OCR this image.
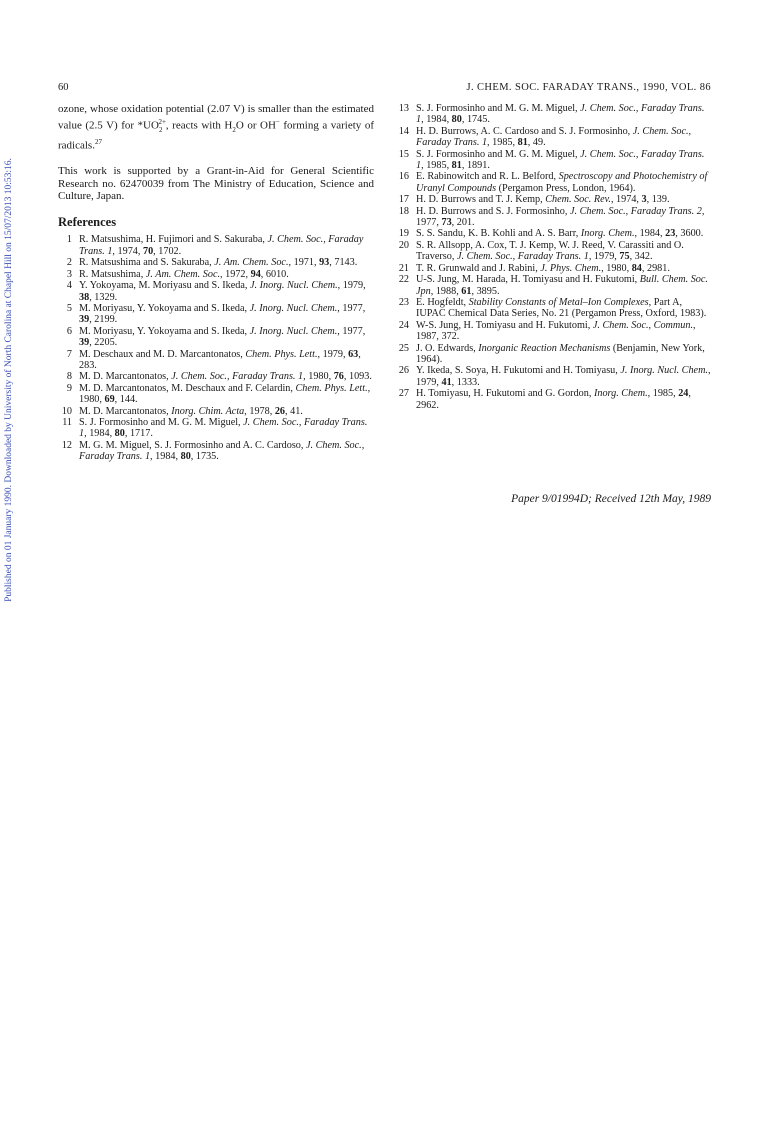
60	J. CHEM. SOC. FARADAY TRANS., 1990, VOL. 86
Published on 01 January 1990. Downloaded by University of North Carolina at Chapel Hill on 15/07/2013 10:53:16.

ozone, whose oxidation potential (2.07 V) is smaller than the estimated value (2.5 V) for $*UO_2^{2+}$, reacts with $H_2O$ or OH− forming a variety of radicals.$^{27}$

This work is supported by a Grant-in-Aid for General Scientific Research no. 62470039 from The Ministry of Education, Science and Culture, Japan.

References

1 R. Matsushima, H. Fujimori and S. Sakuraba, J. Chem. Soc., Faraday Trans. 1, 1974, 70, 1702.

2 R. Matsushima and S. Sakuraba, J. Am. Chem. Soc., 1971, 93, 7143.

3 R. Matsushima, J. Am. Chem. Soc., 1972, 94, 6010.

4 Y. Yokoyama, M. Moriyasu and S. Ikeda, J. Inorg. Nucl. Chem., 1979, 38, 1329.

5 M. Moriyasu, Y. Yokoyama and S. Ikeda, J. Inorg. Nucl. Chem., 1977, 39, 2199.

6 M. Moriyasu, Y. Yokoyama and S. Ikeda, J. Inorg. Nucl. Chem., 1977, 39, 2205.

7 M. Deschaux and M. D. Marcantonatos, Chem. Phys. Lett., 1979, 63, 283.

8 M. D. Marcantonatos, J. Chem. Soc., Faraday Trans. 1, 1980, 76, 1093.

9 M. D. Marcantonatos, M. Deschaux and F. Celardin, Chem. Phys. Lett., 1980, 69, 144.

10 M. D. Marcantonatos, Inorg. Chim. Acta, 1978, 26, 41.

11 S. J. Formosinho and M. G. M. Miguel, J. Chem. Soc., Faraday Trans. 1, 1984, 80, 1717.

12 M. G. M. Miguel, S. J. Formosinho and A. C. Cardoso, J. Chem. Soc., Faraday Trans. 1, 1984, 80, 1735.

13 S. J. Formosinho and M. G. M. Miguel, J. Chem. Soc., Faraday Trans. 1, 1984, 80, 1745.

14 H. D. Burrows, A. C. Cardoso and S. J. Formosinho, J. Chem. Soc., Faraday Trans. 1, 1985, 81, 49.

15 S. J. Formosinho and M. G. M. Miguel, J. Chem. Soc., Faraday Trans. 1, 1985, 81, 1891.

16 E. Rabinowitch and R. L. Belford, Spectroscopy and Photochemistry of Uranyl Compounds (Pergamon Press, London, 1964).

17 H. D. Burrows and T. J. Kemp, Chem. Soc. Rev., 1974, 3, 139.

18 H. D. Burrows and S. J. Formosinho, J. Chem. Soc., Faraday Trans. 2, 1977, 73, 201.

19 S. S. Sandu, K. B. Kohli and A. S. Barr, Inorg. Chem., 1984, 23, 3600.

20 S. R. Allsopp, A. Cox, T. J. Kemp, W. J. Reed, V. Carassiti and O. Traverso, J. Chem. Soc., Faraday Trans. 1, 1979, 75, 342.

21 T. R. Grunwald and J. Rabini, J. Phys. Chem., 1980, 84, 2981.

22 U-S. Jung, M. Harada, H. Tomiyasu and H. Fukutomi, Bull. Chem. Soc. Jpn, 1988, 61, 3895.

23 E. Hogfeldt, Stability Constants of Metal–Ion Complexes, Part A, IUPAC Chemical Data Series, No. 21 (Pergamon Press, Oxford, 1983).

24 W-S. Jung, H. Tomiyasu and H. Fukutomi, J. Chem. Soc., Commun., 1987, 372.

25 J. O. Edwards, Inorganic Reaction Mechanisms (Benjamin, New York, 1964).

26 Y. Ikeda, S. Soya, H. Fukutomi and H. Tomiyasu, J. Inorg. Nucl. Chem., 1979, 41, 1333.

27 H. Tomiyasu, H. Fukutomi and G. Gordon, Inorg. Chem., 1985, 24, 2962.

Paper 9/01994D; Received 12th May, 1989
